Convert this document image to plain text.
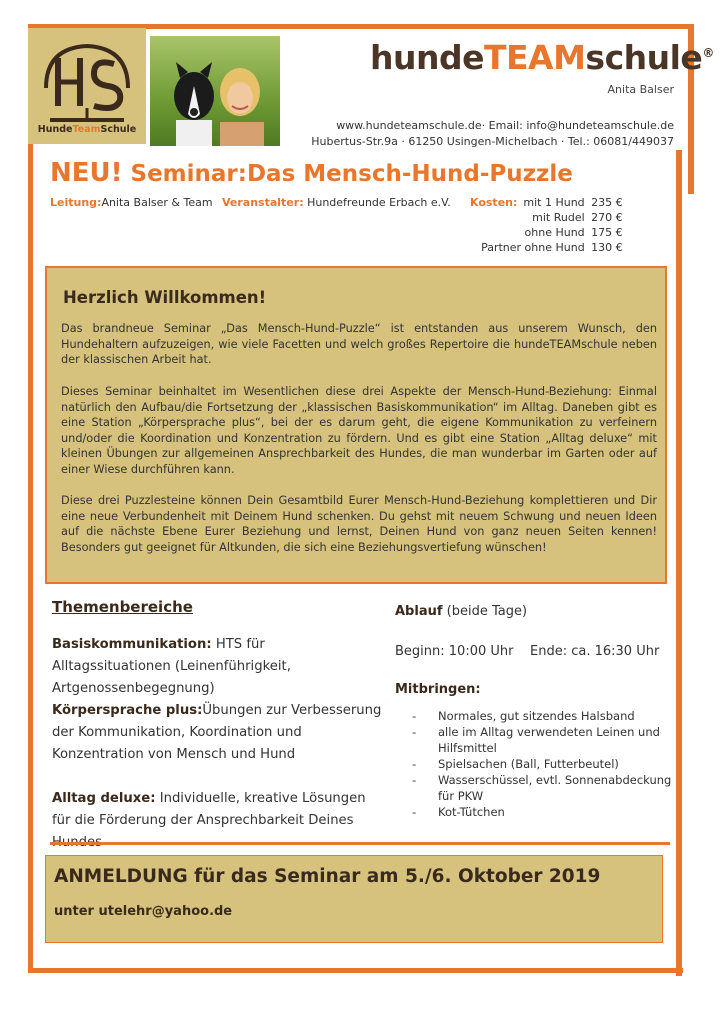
HundeTeamSchule
hundeTEAMschule®
Anita Balser
www.hundeteamschule.de· Email: info@hundeteamschule.de
Hubertus-Str.9a · 61250 Usingen-Michelbach · Tel.: 06081/449037
NEU! Seminar:Das Mensch-Hund-Puzzle
Leitung:Anita Balser & Team Veranstalter: Hundefreunde Erbach e.V. Kosten: mit 1 Hund 235 €
mit Rudel 270 €
ohne Hund 175 €
Partner ohne Hund 130 €
Herzlich Willkommen!
Das brandneue Seminar „Das Mensch-Hund-Puzzle“ ist entstanden aus unserem Wunsch, den Hundehaltern aufzuzeigen, wie viele Facetten und welch großes Repertoire die hundeTEAMschule neben der klassischen Arbeit hat.
Dieses Seminar beinhaltet im Wesentlichen diese drei Aspekte der Mensch-Hund-Beziehung: Einmal natürlich den Aufbau/die Fortsetzung der „klassischen Basiskommunikation“ im Alltag. Daneben gibt es eine Station „Körpersprache plus“, bei der es darum geht, die eigene Kommunikation zu verfeinern und/oder die Koordination und Konzentration zu fördern. Und es gibt eine Station „Alltag deluxe“ mit kleinen Übungen zur allgemeinen Ansprechbarkeit des Hundes, die man wunderbar im Garten oder auf einer Wiese durchführen kann.
Diese drei Puzzlesteine können Dein Gesamtbild Eurer Mensch-Hund-Beziehung komplettieren und Dir eine neue Verbundenheit mit Deinem Hund schenken. Du gehst mit neuem Schwung und neuen Ideen auf die nächste Ebene Eurer Beziehung und lernst, Deinen Hund von ganz neuen Seiten kennen! Besonders gut geeignet für Altkunden, die sich eine Beziehungsvertiefung wünschen!
Themenbereiche
Basiskommunikation: HTS für Alltagssituationen (Leinenführigkeit, Artgenossenbegegnung)
Körpersprache plus:Übungen zur Verbesserung der Kommunikation, Koordination und Konzentration von Mensch und Hund
Alltag deluxe: Individuelle, kreative Lösungen für die Förderung der Ansprechbarkeit Deines
Ablauf (beide Tage)
Beginn: 10:00 Uhr Ende: ca. 16:30 Uhr
Mitbringen:
- Normales, gut sitzendes Halsband
- alle im Alltag verwendeten Leinen und Hilfsmittel
- Spielsachen (Ball, Futterbeutel)
- Wasserschüssel, evtl. Sonnenabdeckung für PKW
- Kot-Tütchen
ANMELDUNG für das Seminar am 5./6. Oktober 2019
unter utelehr@yahoo.de
